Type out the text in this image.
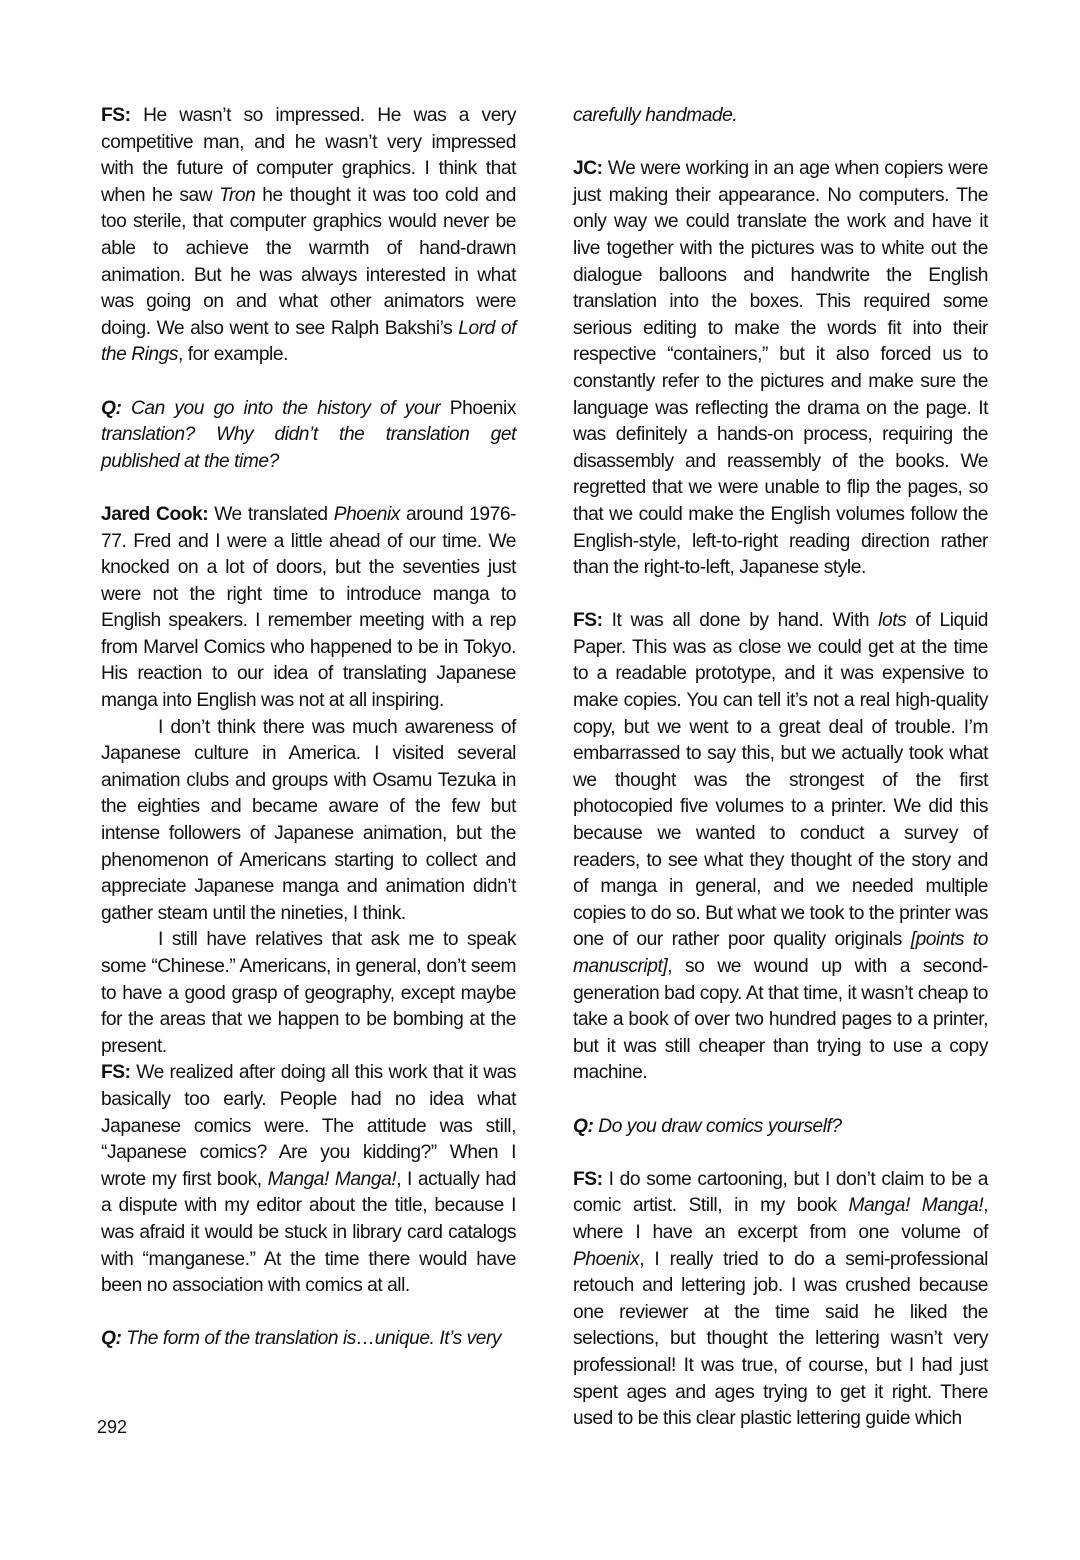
FS: He wasn’t so impressed. He was a very competitive man, and he wasn’t very impressed with the future of computer graphics. I think that when he saw Tron he thought it was too cold and too sterile, that computer graphics would never be able to achieve the warmth of hand-drawn animation. But he was always interested in what was going on and what other animators were doing. We also went to see Ralph Bakshi’s Lord of the Rings, for example.

Q: Can you go into the history of your Phoenix translation? Why didn’t the translation get published at the time?

Jared Cook: We translated Phoenix around 1976-77. Fred and I were a little ahead of our time. We knocked on a lot of doors, but the seventies just were not the right time to introduce manga to English speakers. I remember meeting with a rep from Marvel Comics who happened to be in Tokyo. His reaction to our idea of translating Japanese manga into English was not at all inspiring.

I don’t think there was much awareness of Japanese culture in America. I visited several animation clubs and groups with Osamu Tezuka in the eighties and became aware of the few but intense followers of Japanese animation, but the phenomenon of Americans starting to collect and appreciate Japanese manga and animation didn’t gather steam until the nineties, I think.

I still have relatives that ask me to speak some “Chinese.” Americans, in general, don’t seem to have a good grasp of geography, except maybe for the areas that we happen to be bombing at the present.

FS: We realized after doing all this work that it was basically too early. People had no idea what Japanese comics were. The attitude was still, “Japanese comics? Are you kidding?” When I wrote my first book, Manga! Manga!, I actually had a dispute with my editor about the title, because I was afraid it would be stuck in library card catalogs with “manganese.” At the time there would have been no association with comics at all.

Q: The form of the translation is…unique. It’s very

carefully handmade.

JC: We were working in an age when copiers were just making their appearance. No computers. The only way we could translate the work and have it live together with the pictures was to white out the dialogue balloons and handwrite the English translation into the boxes. This required some serious editing to make the words fit into their respective “containers,” but it also forced us to constantly refer to the pictures and make sure the language was reflecting the drama on the page. It was definitely a hands-on process, requiring the disassembly and reassembly of the books. We regretted that we were unable to flip the pages, so that we could make the English volumes follow the English-style, left-to-right reading direction rather than the right-to-left, Japanese style.

FS: It was all done by hand. With lots of Liquid Paper. This was as close we could get at the time to a readable prototype, and it was expensive to make copies. You can tell it’s not a real high-quality copy, but we went to a great deal of trouble. I’m embarrassed to say this, but we actually took what we thought was the strongest of the first photocopied five volumes to a printer. We did this because we wanted to conduct a survey of readers, to see what they thought of the story and of manga in general, and we needed multiple copies to do so. But what we took to the printer was one of our rather poor quality originals [points to manuscript], so we wound up with a second-generation bad copy. At that time, it wasn’t cheap to take a book of over two hundred pages to a printer, but it was still cheaper than trying to use a copy machine.

Q: Do you draw comics yourself?

FS: I do some cartooning, but I don’t claim to be a comic artist. Still, in my book Manga! Manga!, where I have an excerpt from one volume of Phoenix, I really tried to do a semi-professional retouch and lettering job. I was crushed because one reviewer at the time said he liked the selections, but thought the lettering wasn’t very professional! It was true, of course, but I had just spent ages and ages trying to get it right. There used to be this clear plastic lettering guide which

292
